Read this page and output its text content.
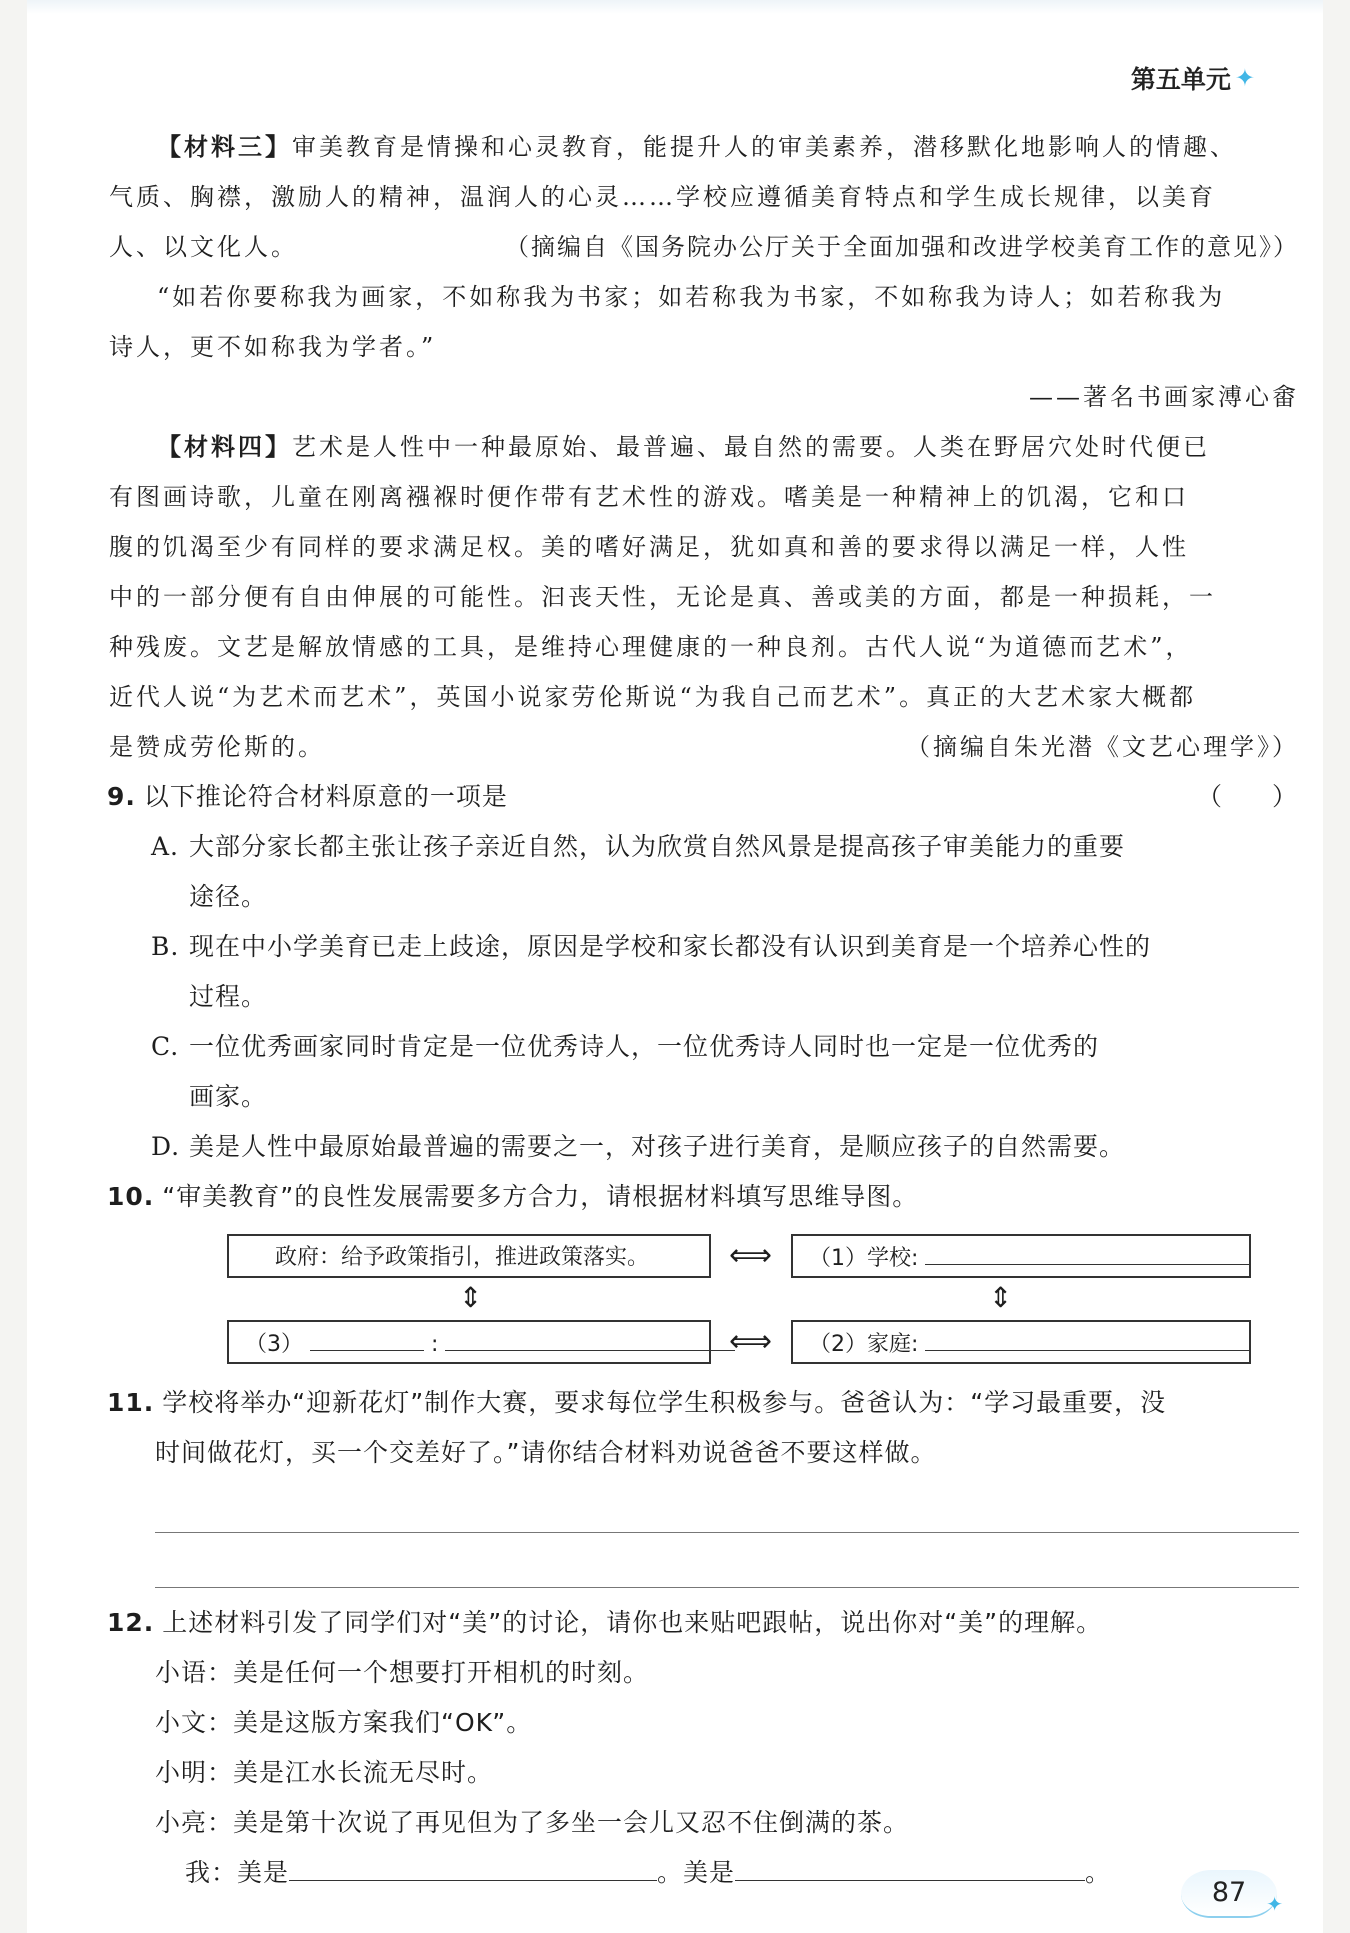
第五单元 ✦
【材料三】审美教育是情操和心灵教育，能提升人的审美素养，潜移默化地影响人的情趣、
气质、胸襟，激励人的精神，温润人的心灵……学校应遵循美育特点和学生成长规律，以美育
人、以文化人。	（摘编自《国务院办公厅关于全面加强和改进学校美育工作的意见》）
“如若你要称我为画家，不如称我为书家；如若称我为书家，不如称我为诗人；如若称我为
诗人，更不如称我为学者。”
——著名书画家溥心畬
【材料四】艺术是人性中一种最原始、最普遍、最自然的需要。人类在野居穴处时代便已
有图画诗歌，儿童在刚离襁褓时便作带有艺术性的游戏。嗜美是一种精神上的饥渴，它和口
腹的饥渴至少有同样的要求满足权。美的嗜好满足，犹如真和善的要求得以满足一样，人性
中的一部分便有自由伸展的可能性。汩丧天性，无论是真、善或美的方面，都是一种损耗，一
种残废。文艺是解放情感的工具，是维持心理健康的一种良剂。古代人说“为道德而艺术”，
近代人说“为艺术而艺术”，英国小说家劳伦斯说“为我自己而艺术”。真正的大艺术家大概都
是赞成劳伦斯的。	（摘编自朱光潜《文艺心理学》）
9. 以下推论符合材料原意的一项是	（　　）
A. 大部分家长都主张让孩子亲近自然，认为欣赏自然风景是提高孩子审美能力的重要
途径。
B. 现在中小学美育已走上歧途，原因是学校和家长都没有认识到美育是一个培养心性的
过程。
C. 一位优秀画家同时肯定是一位优秀诗人，一位优秀诗人同时也一定是一位优秀的
画家。
D. 美是人性中最原始最普遍的需要之一，对孩子进行美育，是顺应孩子的自然需要。
10. “审美教育”的良性发展需要多方合力，请根据材料填写思维导图。
政府：给予政策指引，推进政策落实。	⟺	（1）学校:
⇕	⇕
（3）	:	⟺	（2）家庭:
11. 学校将举办“迎新花灯”制作大赛，要求每位学生积极参与。爸爸认为：“学习最重要，没
时间做花灯，买一个交差好了。”请你结合材料劝说爸爸不要这样做。
12. 上述材料引发了同学们对“美”的讨论，请你也来贴吧跟帖，说出你对“美”的理解。
小语：美是任何一个想要打开相机的时刻。
小文：美是这版方案我们“OK”。
小明：美是江水长流无尽时。
小亮：美是第十次说了再见但为了多坐一会儿又忍不住倒满的茶。
我：美是	。美是	。
87	✦
